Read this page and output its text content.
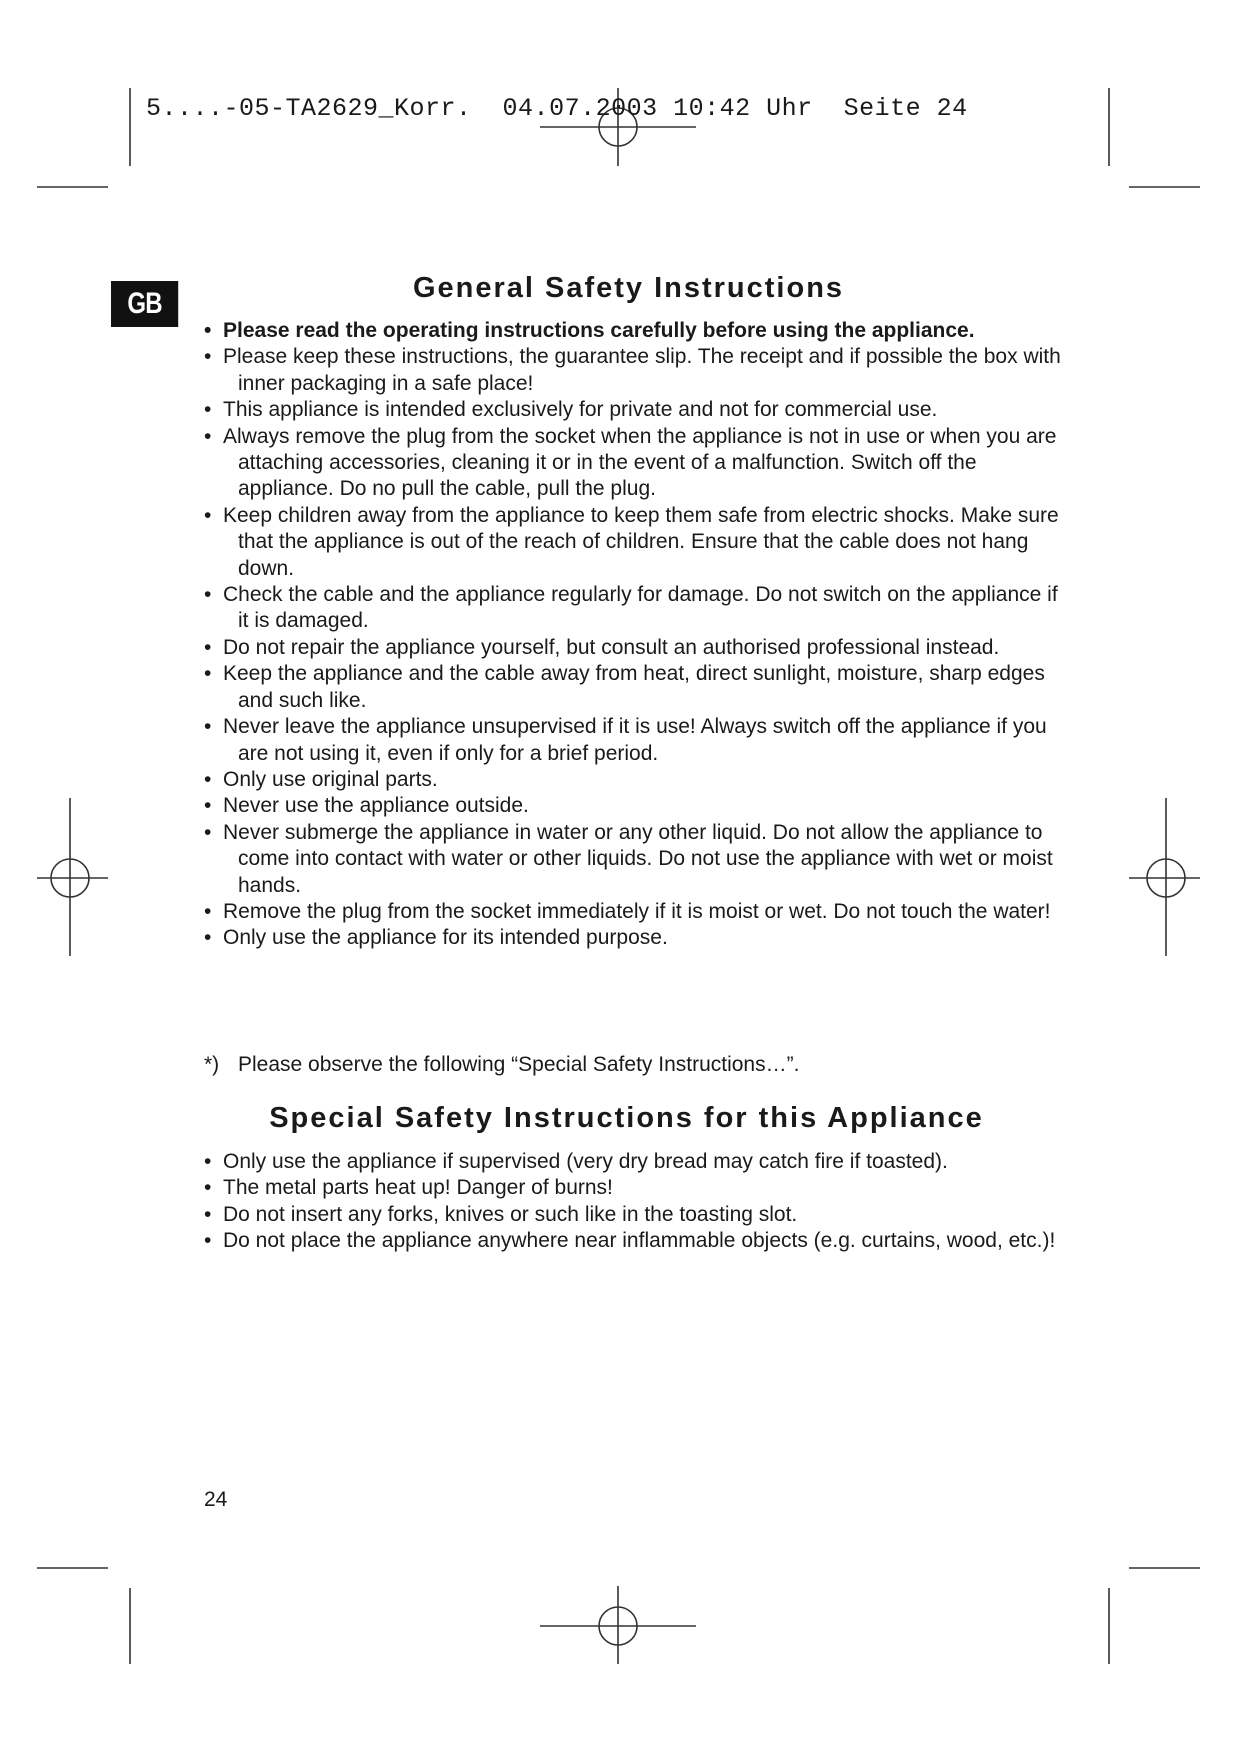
5....-05-TA2629_Korr.  04.07.2003 10:42 Uhr  Seite 24
GB	General Safety Instructions
• Please read the operating instructions carefully before using the appliance.
• Please keep these instructions, the guarantee slip. The receipt and if possible the box with inner packaging in a safe place!
• This appliance is intended exclusively for private and not for commercial use.
• Always remove the plug from the socket when the appliance is not in use or when you are attaching accessories, cleaning it or in the event of a malfunction. Switch off the appliance. Do no pull the cable, pull the plug.
• Keep children away from the appliance to keep them safe from electric shocks. Make sure that the appliance is out of the reach of children. Ensure that the cable does not hang down.
• Check the cable and the appliance regularly for damage. Do not switch on the appliance if it is damaged.
• Do not repair the appliance yourself, but consult an authorised professional instead.
• Keep the appliance and the cable away from heat, direct sunlight, moisture, sharp edges and such like.
• Never leave the appliance unsupervised if it is use! Always switch off the appliance if you are not using it, even if only for a brief period.
• Only use original parts.
• Never use the appliance outside.
• Never submerge the appliance in water or any other liquid. Do not allow the appliance to come into contact with water or other liquids. Do not use the appliance with wet or moist hands.
• Remove the plug from the socket immediately if it is moist or wet. Do not touch the water!
• Only use the appliance for its intended purpose.
*) Please observe the following “Special Safety Instructions…”.
Special Safety Instructions for this Appliance
• Only use the appliance if supervised (very dry bread may catch fire if toasted).
• The metal parts heat up! Danger of burns!
• Do not insert any forks, knives or such like in the toasting slot.
• Do not place the appliance anywhere near inflammable objects (e.g. curtains, wood, etc.)!
24
